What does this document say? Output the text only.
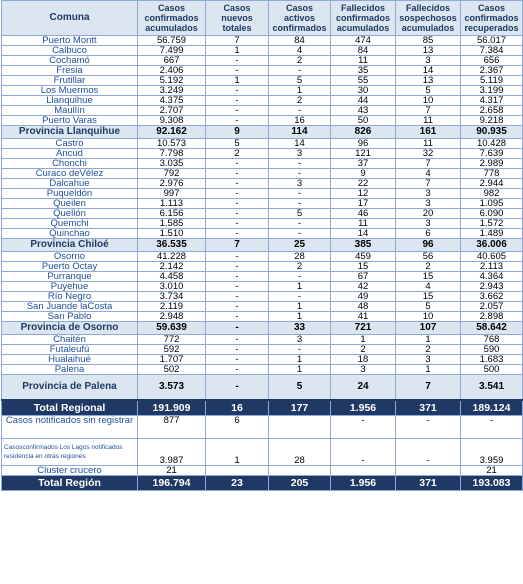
Comuna	Casos confirmados acumulados	Casos nuevos totales	Casos activos confirmados	Fallecidos confirmados acumulados	Fallecidos sospechosos acumulados	Casos confirmados recuperados
Puerto Montt	56.759	7	84	474	85	56.017
Calbuco	7.499	1	4	84	13	7.384
Cochamó	667	-	2	11	3	656
Fresia	2.406	-	-	35	14	2.367
Frutillar	5.192	1	5	55	13	5.119
Los Muermos	3.249	-	1	30	5	3.199
Llanquihue	4.375	-	2	44	10	4.317
Maullín	2.707	-	-	43	7	2.658
Puerto Varas	9.308	-	16	50	11	9.218
Provincia Llanquihue	92.162	9	114	826	161	90.935
Castro	10.573	5	14	96	11	10.428
Ancud	7.798	2	3	121	32	7.639
Chonchi	3.035	-	-	37	7	2.989
Curaco deVélez	792	-	-	9	4	778
Dalcahue	2.976	-	3	22	7	2.944
Puqueldón	997	-	-	12	3	982
Queilen	1.113	-	-	17	3	1.095
Quellón	6.156	-	5	46	20	6.090
Quemchi	1.585	-	-	11	3	1.572
Quinchao	1.510	-	-	14	6	1.489
Provincia Chiloé	36.535	7	25	385	96	36.006
Osorno	41.228	-	28	459	56	40.605
Puerto Octay	2.142	-	2	15	2	2.113
Purranque	4.458	-	-	67	15	4.364
Puyehue	3.010	-	1	42	4	2.943
Río Negro	3.734	-	-	49	15	3.662
San Juande laCosta	2.119	-	1	48	5	2.057
San Pablo	2.948	-	1	41	10	2.898
Provincia de Osorno	59.639	-	33	721	107	58.642
Chaitén	772	-	3	1	1	768
Futaleufú	592	-	-	2	2	590
Hualaihué	1.707	-	1	18	3	1.683
Palena	502	-	1	3	1	500
Provincia de Palena	3.573	-	5	24	7	3.541
Total Regional	191.909	16	177	1.956	371	189.124
Casos notificados sin registrar	877	6		-	-	-
Casosconfirmados Los Lagos notificados residencia en otras regiones	3.987	1	28	-	-	3.959
Cluster crucero	21					21
Total Región	196.794	23	205	1.956	371	193.083
